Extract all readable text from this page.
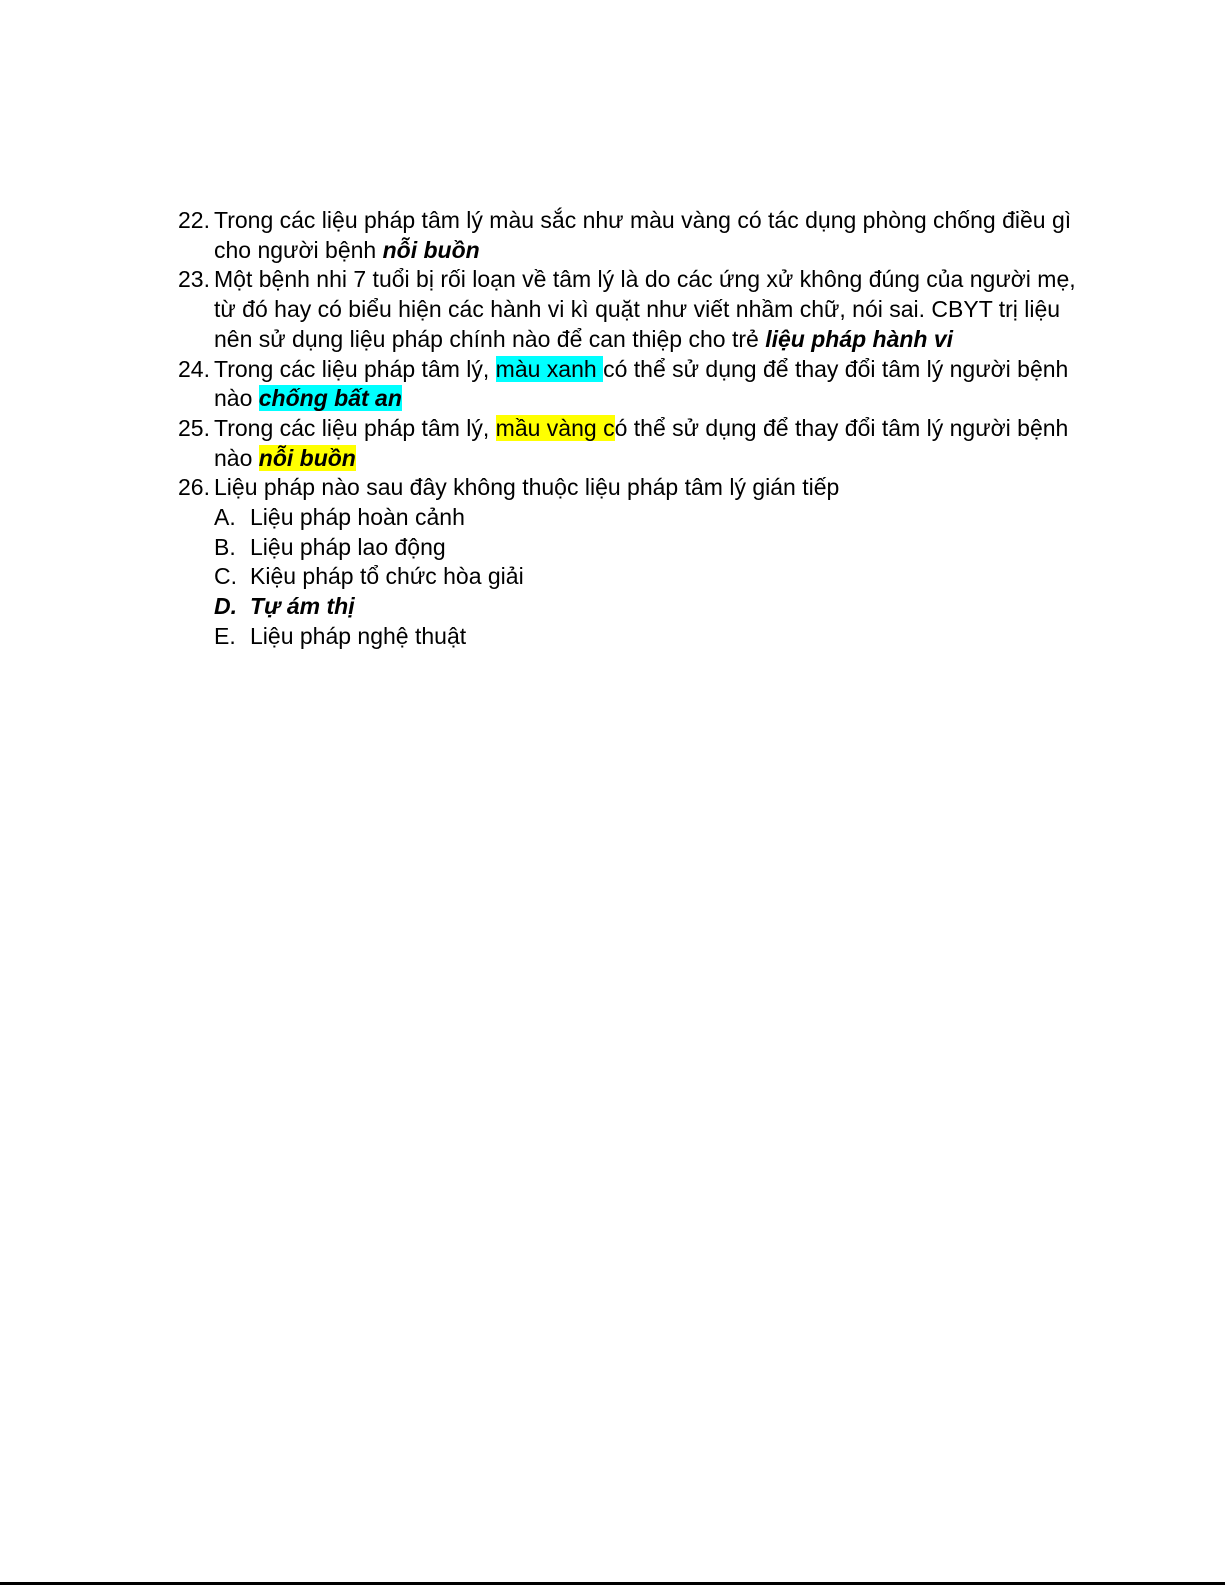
22. Trong các liệu pháp tâm lý màu sắc như màu vàng có tác dụng phòng chống điều gì cho người bệnh nỗi buồn
23. Một bệnh nhi 7 tuổi bị rối loạn về tâm lý là do các ứng xử không đúng của người mẹ, từ đó hay có biểu hiện các hành vi kì quặt như viết nhầm chữ, nói sai. CBYT trị liệu nên sử dụng liệu pháp chính nào để can thiệp cho trẻ liệu pháp hành vi
24. Trong các liệu pháp tâm lý, màu xanh có thể sử dụng để thay đổi tâm lý người bệnh nào chống bất an
25. Trong các liệu pháp tâm lý, mầu vàng có thể sử dụng để thay đổi tâm lý người bệnh nào nỗi buồn
26. Liệu pháp nào sau đây không thuộc liệu pháp tâm lý gián tiếp
A. Liệu pháp hoàn cảnh
B. Liệu pháp lao động
C. Kiệu pháp tổ chức hòa giải
D. Tự ám thị
E. Liệu pháp nghệ thuật
